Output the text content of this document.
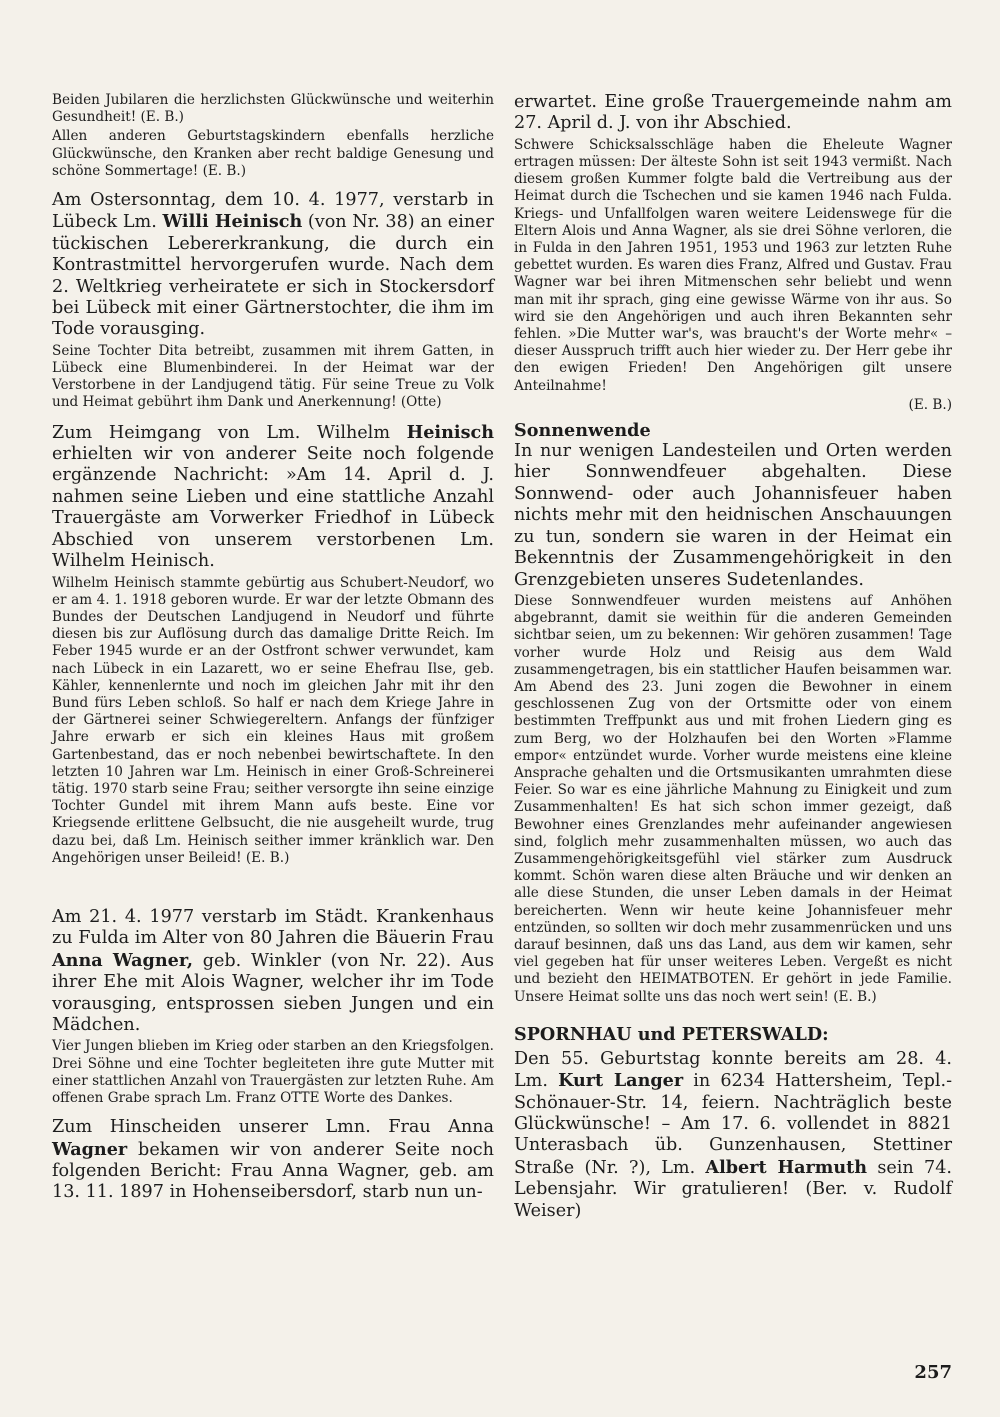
Beiden Jubilaren die herzlichsten Glückwünsche und weiterhin Gesundheit! (E. B.)

Allen anderen Geburtstagskindern ebenfalls herzliche Glückwünsche, den Kranken aber recht baldige Genesung und schöne Sommertage! (E. B.)

Am Ostersonntag, dem 10. 4. 1977, verstarb in Lübeck Lm. Willi Heinisch (von Nr. 38) an einer tückischen Lebererkrankung, die durch ein Kontrastmittel hervorgerufen wurde. Nach dem 2. Weltkrieg verheiratete er sich in Stockersdorf bei Lübeck mit einer Gärtnerstochter, die ihm im Tode vorausging.

Seine Tochter Dita betreibt, zusammen mit ihrem Gatten, in Lübeck eine Blumenbinderei. In der Heimat war der Verstorbene in der Landjugend tätig. Für seine Treue zu Volk und Heimat gebührt ihm Dank und Anerkennung! (Otte)

Zum Heimgang von Lm. Wilhelm Heinisch erhielten wir von anderer Seite noch folgende ergänzende Nachricht: »Am 14. April d. J. nahmen seine Lieben und eine stattliche Anzahl Trauergäste am Vorwerker Friedhof in Lübeck Abschied von unserem verstorbenen Lm. Wilhelm Heinisch.

Wilhelm Heinisch stammte gebürtig aus Schubert-Neudorf, wo er am 4. 1. 1918 geboren wurde. Er war der letzte Obmann des Bundes der Deutschen Landjugend in Neudorf und führte diesen bis zur Auflösung durch das damalige Dritte Reich. Im Feber 1945 wurde er an der Ostfront schwer verwundet, kam nach Lübeck in ein Lazarett, wo er seine Ehefrau Ilse, geb. Kähler, kennenlernte und noch im gleichen Jahr mit ihr den Bund fürs Leben schloß. So half er nach dem Kriege Jahre in der Gärtnerei seiner Schwiegereltern. Anfangs der fünfziger Jahre erwarb er sich ein kleines Haus mit großem Gartenbestand, das er noch nebenbei bewirtschaftete. In den letzten 10 Jahren war Lm. Heinisch in einer Groß-Schreinerei tätig. 1970 starb seine Frau; seither versorgte ihn seine einzige Tochter Gundel mit ihrem Mann aufs beste. Eine vor Kriegsende erlittene Gelbsucht, die nie ausgeheilt wurde, trug dazu bei, daß Lm. Heinisch seither immer kränklich war. Den Angehörigen unser Beileid! (E. B.)

Am 21. 4. 1977 verstarb im Städt. Krankenhaus zu Fulda im Alter von 80 Jahren die Bäuerin Frau Anna Wagner, geb. Winkler (von Nr. 22). Aus ihrer Ehe mit Alois Wagner, welcher ihr im Tode vorausging, entsprossen sieben Jungen und ein Mädchen.

Vier Jungen blieben im Krieg oder starben an den Kriegsfolgen. Drei Söhne und eine Tochter begleiteten ihre gute Mutter mit einer stattlichen Anzahl von Trauergästen zur letzten Ruhe. Am offenen Grabe sprach Lm. Franz OTTE Worte des Dankes.

Zum Hinscheiden unserer Lmn. Frau Anna Wagner bekamen wir von anderer Seite noch folgenden Bericht: Frau Anna Wagner, geb. am 13. 11. 1897 in Hohenseibersdorf, starb nun un-

erwartet. Eine große Trauergemeinde nahm am 27. April d. J. von ihr Abschied.

Schwere Schicksalsschläge haben die Eheleute Wagner ertragen müssen: Der älteste Sohn ist seit 1943 vermißt. Nach diesem großen Kummer folgte bald die Vertreibung aus der Heimat durch die Tschechen und sie kamen 1946 nach Fulda. Kriegs- und Unfallfolgen waren weitere Leidenswege für die Eltern Alois und Anna Wagner, als sie drei Söhne verloren, die in Fulda in den Jahren 1951, 1953 und 1963 zur letzten Ruhe gebettet wurden. Es waren dies Franz, Alfred und Gustav. Frau Wagner war bei ihren Mitmenschen sehr beliebt und wenn man mit ihr sprach, ging eine gewisse Wärme von ihr aus. So wird sie den Angehörigen und auch ihren Bekannten sehr fehlen. »Die Mutter war's, was braucht's der Worte mehr« – dieser Ausspruch trifft auch hier wieder zu. Der Herr gebe ihr den ewigen Frieden! Den Angehörigen gilt unsere Anteilnahme!

(E. B.)

Sonnenwende

In nur wenigen Landesteilen und Orten werden hier Sonnwendfeuer abgehalten. Diese Sonnwend- oder auch Johannisfeuer haben nichts mehr mit den heidnischen Anschauungen zu tun, sondern sie waren in der Heimat ein Bekenntnis der Zusammengehörigkeit in den Grenzgebieten unseres Sudetenlandes.

Diese Sonnwendfeuer wurden meistens auf Anhöhen abgebrannt, damit sie weithin für die anderen Gemeinden sichtbar seien, um zu bekennen: Wir gehören zusammen! Tage vorher wurde Holz und Reisig aus dem Wald zusammengetragen, bis ein stattlicher Haufen beisammen war. Am Abend des 23. Juni zogen die Bewohner in einem geschlossenen Zug von der Ortsmitte oder von einem bestimmten Treffpunkt aus und mit frohen Liedern ging es zum Berg, wo der Holzhaufen bei den Worten »Flamme empor« entzündet wurde. Vorher wurde meistens eine kleine Ansprache gehalten und die Ortsmusikanten umrahmten diese Feier. So war es eine jährliche Mahnung zu Einigkeit und zum Zusammenhalten! Es hat sich schon immer gezeigt, daß Bewohner eines Grenzlandes mehr aufeinander angewiesen sind, folglich mehr zusammenhalten müssen, wo auch das Zusammengehörigkeitsgefühl viel stärker zum Ausdruck kommt. Schön waren diese alten Bräuche und wir denken an alle diese Stunden, die unser Leben damals in der Heimat bereicherten. Wenn wir heute keine Johannisfeuer mehr entzünden, so sollten wir doch mehr zusammenrücken und uns darauf besinnen, daß uns das Land, aus dem wir kamen, sehr viel gegeben hat für unser weiteres Leben. Vergeßt es nicht und bezieht den HEIMATBOTEN. Er gehört in jede Familie. Unsere Heimat sollte uns das noch wert sein! (E. B.)

SPORNHAU und PETERSWALD:

Den 55. Geburtstag konnte bereits am 28. 4. Lm. Kurt Langer in 6234 Hattersheim, Tepl.-Schönauer-Str. 14, feiern. Nachträglich beste Glückwünsche! – Am 17. 6. vollendet in 8821 Unterasbach üb. Gunzenhausen, Stettiner Straße (Nr. ?), Lm. Albert Harmuth sein 74. Lebensjahr. Wir gratulieren! (Ber. v. Rudolf Weiser)

257
